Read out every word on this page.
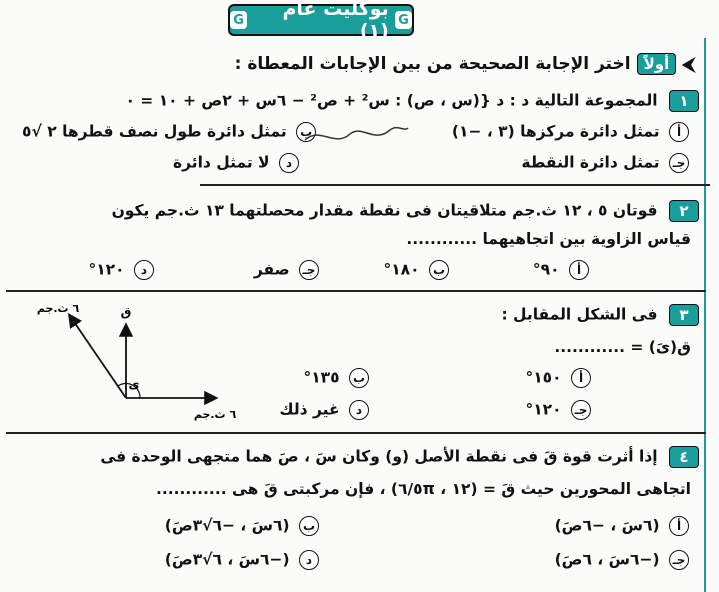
G
بوكليت عام (١)
G
⮜
أولاً
اختر الإجابة الصحيحة من بين الإجابات المعطاة :
١ المجموعة التالية د : د {(س ، ص) : س² + ص² − ٦س + ٢ص + ١٠ = ٠
أ تمثل دائرة مركزها (٣ ، −١)
ب تمثل دائرة طول نصف قطرها ٢ √٥
جـ تمثل دائرة النقطة
د لا تمثل دائرة
٢ قوتان ٥ ، ١٢ ث.جم متلاقيتان فى نقطة مقدار محصلتهما ١٣ ث.جم يكون
قياس الزاوية بين اتجاهيهما ............
أ ٩٠°
ب ١٨٠°
جـ صفر
د ١٢٠°
٣ فى الشكل المقابل :
ق(ىَ) = ............
أ ١٥٠°
ب ١٣٥°
جـ ١٢٠°
د غير ذلك
ى
٦ ث.جم	ق
٦ ث.جم
٤ إذا أثرت قوة قَ فى نقطة الأصل (و) وكان سَ ، صَ هما متجهى الوحدة فى
اتجاهى المحورين حيث قَ = (١٢ ، ٥π/٦) ، فإن مركبتى قَ هى ............
أ (٦سَ ، −٦صَ)
ب (٦سَ ، −٦√٣صَ)
جـ (−٦سَ ، ٦صَ)
د (−٦سَ ، ٦√٣صَ)
